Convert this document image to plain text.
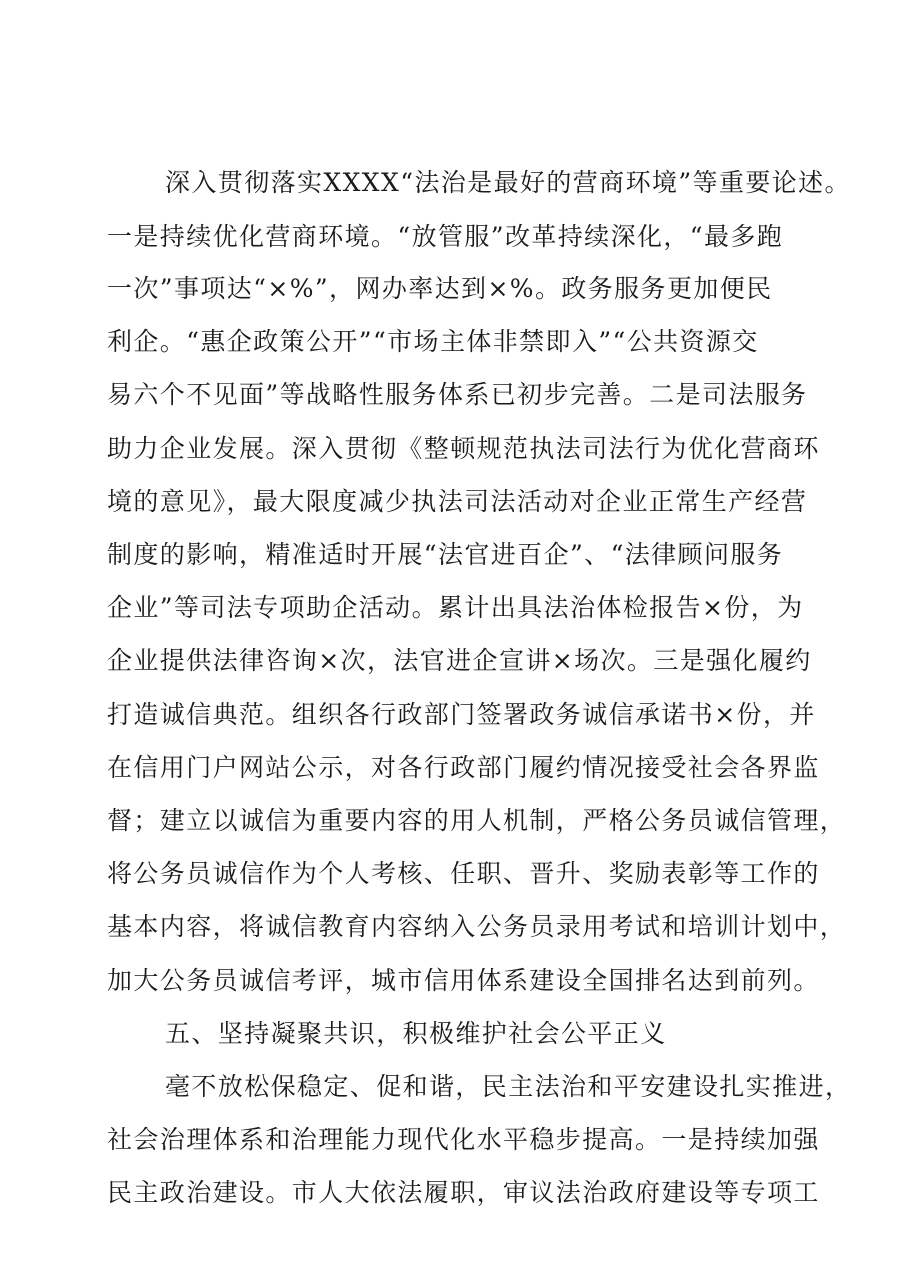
深入贯彻落实XXXX“法治是最好的营商环境”等重要论述。
一是持续优化营商环境。“放管服”改革持续深化，“最多跑
一次”事项达“×%”，网办率达到×%。政务服务更加便民
利企。“惠企政策公开”“市场主体非禁即入”“公共资源交
易六个不见面”等战略性服务体系已初步完善。二是司法服务
助力企业发展。深入贯彻《整顿规范执法司法行为优化营商环
境的意见》，最大限度减少执法司法活动对企业正常生产经营
制度的影响，精准适时开展“法官进百企”、“法律顾问服务
企业”等司法专项助企活动。累计出具法治体检报告×份，为
企业提供法律咨询×次，法官进企宣讲×场次。三是强化履约
打造诚信典范。组织各行政部门签署政务诚信承诺书×份，并
在信用门户网站公示，对各行政部门履约情况接受社会各界监
督；建立以诚信为重要内容的用人机制，严格公务员诚信管理，
将公务员诚信作为个人考核、任职、晋升、奖励表彰等工作的
基本内容，将诚信教育内容纳入公务员录用考试和培训计划中，
加大公务员诚信考评，城市信用体系建设全国排名达到前列。
五、坚持凝聚共识，积极维护社会公平正义
毫不放松保稳定、促和谐，民主法治和平安建设扎实推进，
社会治理体系和治理能力现代化水平稳步提高。一是持续加强
民主政治建设。市人大依法履职，审议法治政府建设等专项工
